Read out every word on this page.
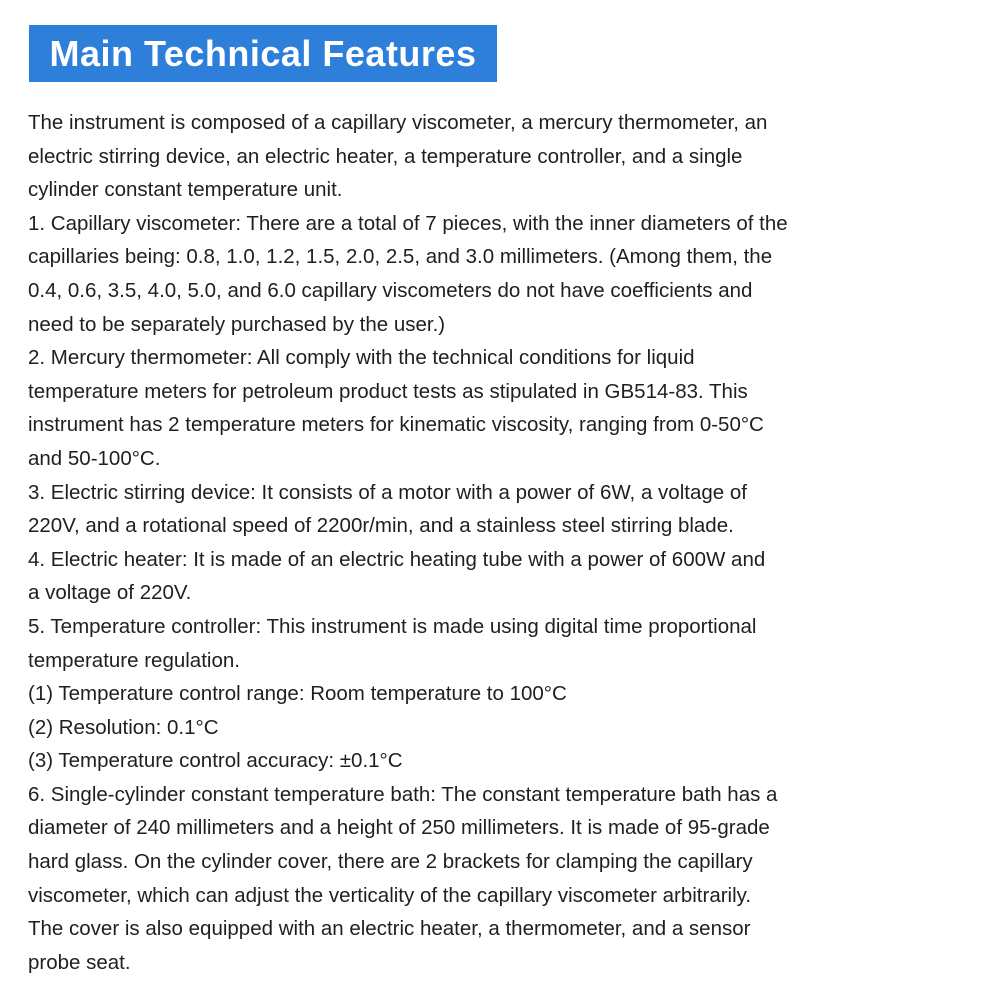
Main Technical Features
The instrument is composed of a capillary viscometer, a mercury thermometer, an
electric stirring device, an electric heater, a temperature controller, and a single
cylinder constant temperature unit.
1. Capillary viscometer: There are a total of 7 pieces, with the inner diameters of the
capillaries being: 0.8, 1.0, 1.2, 1.5, 2.0, 2.5, and 3.0 millimeters. (Among them, the
0.4, 0.6, 3.5, 4.0, 5.0, and 6.0 capillary viscometers do not have coefficients and
need to be separately purchased by the user.)
2. Mercury thermometer: All comply with the technical conditions for liquid
temperature meters for petroleum product tests as stipulated in GB514-83. This
instrument has 2 temperature meters for kinematic viscosity, ranging from 0-50°C
and 50-100°C.
3. Electric stirring device: It consists of a motor with a power of 6W, a voltage of
220V, and a rotational speed of 2200r/min, and a stainless steel stirring blade.
4. Electric heater: It is made of an electric heating tube with a power of 600W and
a voltage of 220V.
5. Temperature controller: This instrument is made using digital time proportional
temperature regulation.
(1) Temperature control range: Room temperature to 100°C
(2) Resolution: 0.1°C
(3) Temperature control accuracy: ±0.1°C
6. Single-cylinder constant temperature bath: The constant temperature bath has a
diameter of 240 millimeters and a height of 250 millimeters. It is made of 95-grade
hard glass. On the cylinder cover, there are 2 brackets for clamping the capillary
viscometer, which can adjust the verticality of the capillary viscometer arbitrarily.
The cover is also equipped with an electric heater, a thermometer, and a sensor
probe seat.
